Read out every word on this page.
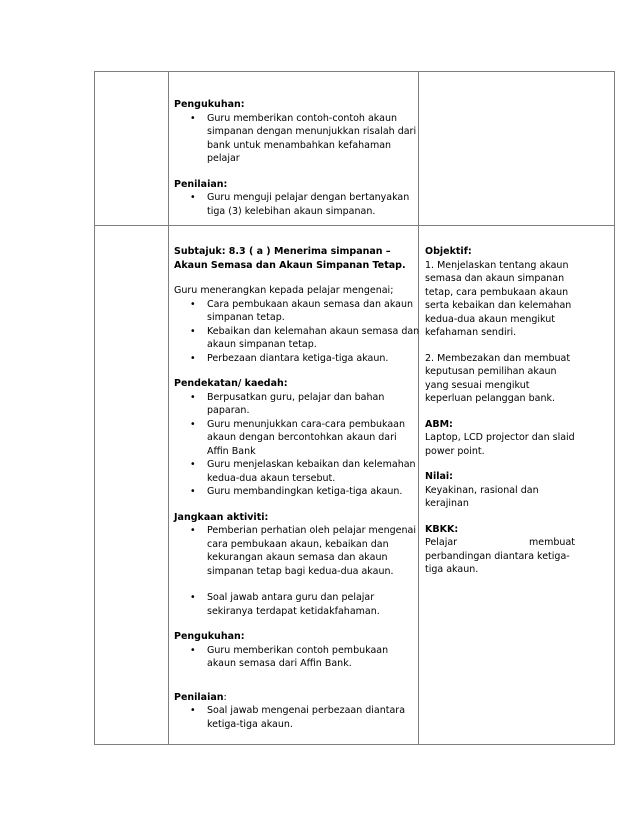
Pengukuhan:
• Guru memberikan contoh-contoh akaun simpanan dengan menunjukkan risalah dari bank untuk menambahkan kefahaman pelajar
Penilaian:
• Guru menguji pelajar dengan bertanyakan tiga (3) kelebihan akaun simpanan.
Subtajuk: 8.3 ( a ) Menerima simpanan – Akaun Semasa dan Akaun Simpanan Tetap.
Guru menerangkan kepada pelajar mengenai;
• Cara pembukaan akaun semasa dan akaun simpanan tetap.
• Kebaikan dan kelemahan akaun semasa dan akaun simpanan tetap.
• Perbezaan diantara ketiga-tiga akaun.
Pendekatan/ kaedah:
• Berpusatkan guru, pelajar dan bahan paparan.
• Guru menunjukkan cara-cara pembukaan akaun dengan bercontohkan akaun dari Affin Bank
• Guru menjelaskan kebaikan dan kelemahan kedua-dua akaun tersebut.
• Guru membandingkan ketiga-tiga akaun.
Jangkaan aktiviti:
• Pemberian perhatian oleh pelajar mengenai cara pembukaan akaun, kebaikan dan kekurangan akaun semasa dan akaun simpanan tetap bagi kedua-dua akaun.
• Soal jawab antara guru dan pelajar sekiranya terdapat ketidakfahaman.
Pengukuhan:
• Guru memberikan contoh pembukaan akaun semasa dari Affin Bank.
Penilaian:
• Soal jawab mengenai perbezaan diantara ketiga-tiga akaun.
Objektif:
1. Menjelaskan tentang akaun semasa dan akaun simpanan tetap, cara pembukaan akaun serta kebaikan dan kelemahan kedua-dua akaun mengikut kefahaman sendiri.
2. Membezakan dan membuat keputusan pemilihan akaun yang sesuai mengikut keperluan pelanggan bank.
ABM:
Laptop, LCD projector dan slaid power point.
Nilai:
Keyakinan, rasional dan kerajinan
KBKK:
Pelajar membuat
perbandingan diantara ketiga-tiga akaun.
